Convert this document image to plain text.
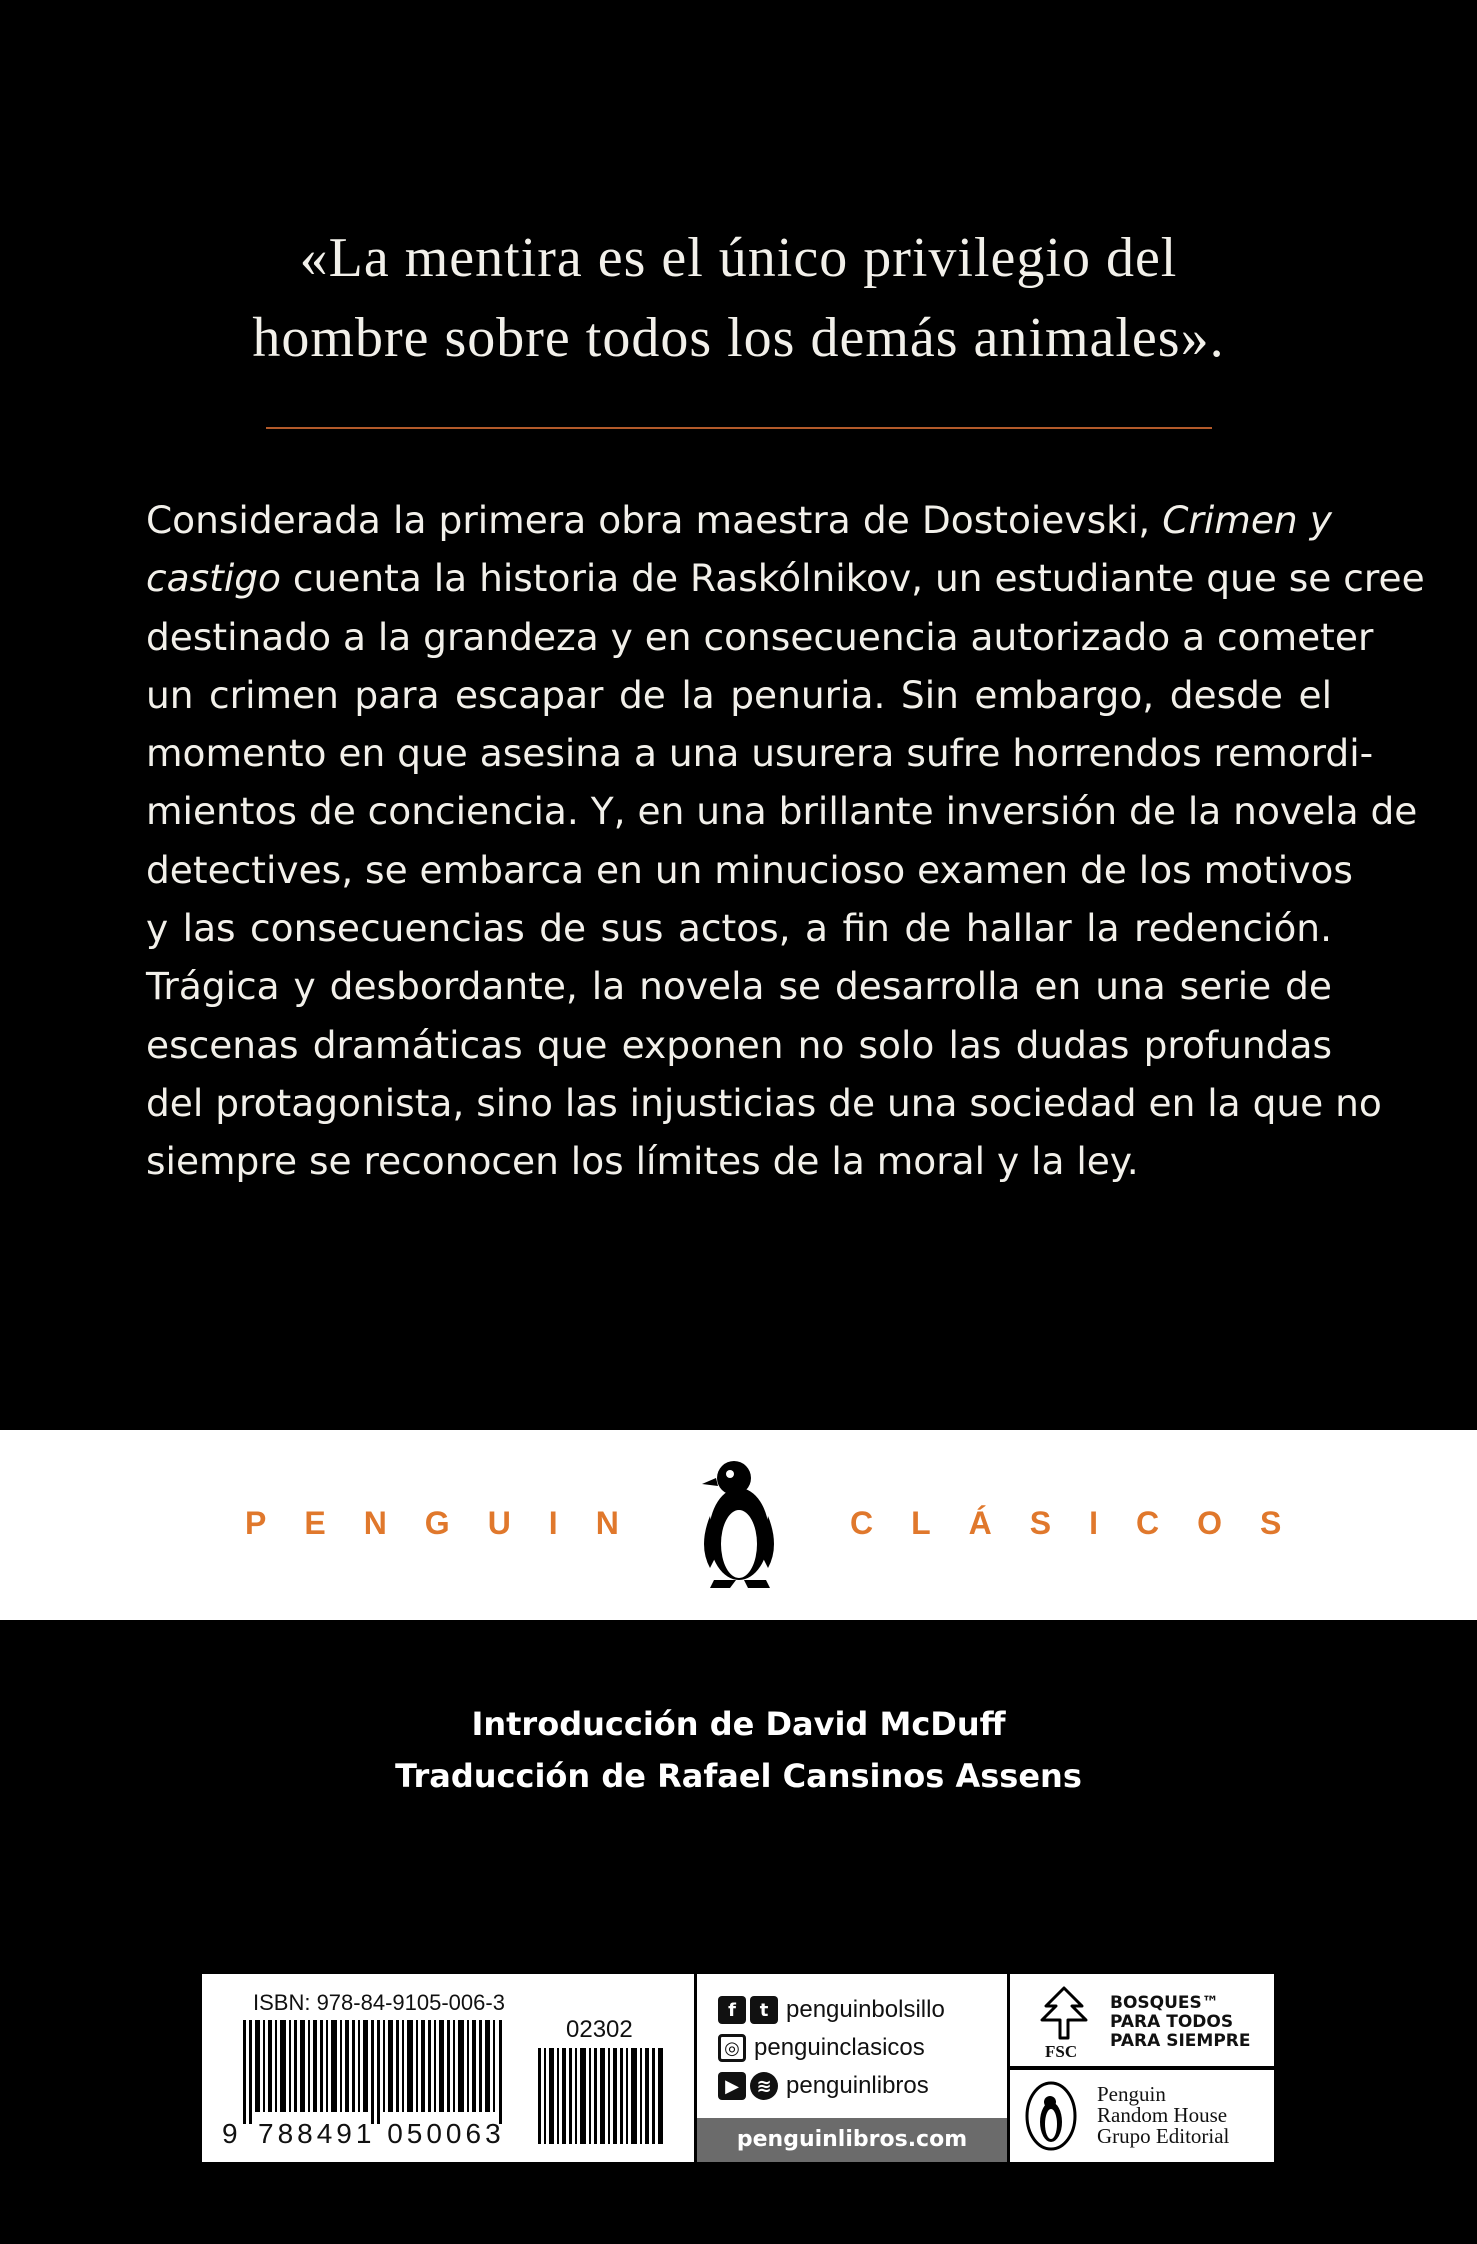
«La mentira es el único privilegio del
hombre sobre todos los demás animales».
Considerada la primera obra maestra de Dostoievski, Crimen y
castigo cuenta la historia de Raskólnikov, un estudiante que se cree
destinado a la grandeza y en consecuencia autorizado a cometer
un crimen para escapar de la penuria. Sin embargo, desde el
momento en que asesina a una usurera sufre horrendos remordi-
mientos de conciencia. Y, en una brillante inversión de la novela de
detectives, se embarca en un minucioso examen de los motivos
y las consecuencias de sus actos, a fin de hallar la redención.
Trágica y desbordante, la novela se desarrolla en una serie de
escenas dramáticas que exponen no solo las dudas profundas
del protagonista, sino las injusticias de una sociedad en la que no
siempre se reconocen los límites de la moral y la ley.
PENGUIN	CLÁSICOS
Introducción de David McDuff
Traducción de Rafael Cansinos Assens
ISBN: 978-84-9105-006-3
02302
9 788491 050063
f	t penguinbolsillo
◎ penguinclasicos
▶ ≋ penguinlibros
penguinlibros.com
FSC
BOSQUES™
PARA TODOS
PARA SIEMPRE
Penguin
Random House
Grupo Editorial
